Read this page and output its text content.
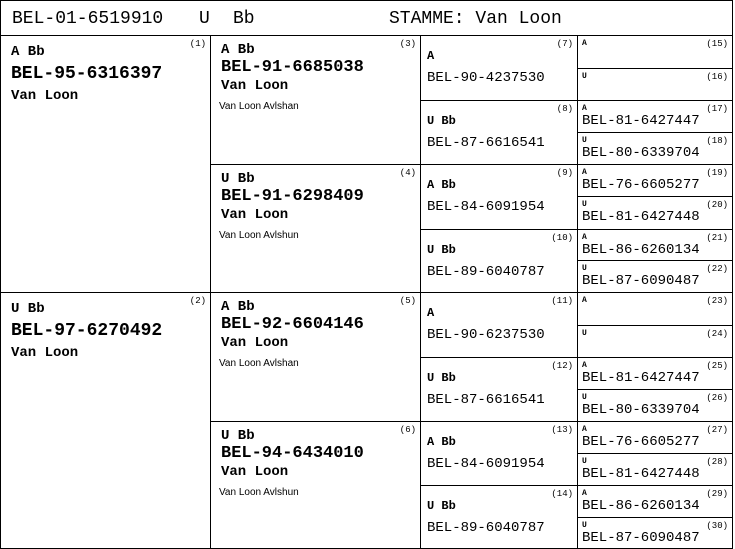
BEL-01-6519910 U Bb	STAMME: Van Loon
(1)
A Bb
BEL-95-6316397
Van Loon
(2)
U Bb
BEL-97-6270492
Van Loon
(3)
A Bb
BEL-91-6685038
Van Loon
Van Loon Avlshan
(4)
U Bb
BEL-91-6298409
Van Loon
Van Loon Avlshun
(5)
A Bb
BEL-92-6604146
Van Loon
Van Loon Avlshan
(6)
U Bb
BEL-94-6434010
Van Loon
Van Loon Avlshun
(7)
A
BEL-90-4237530
(8)
U Bb
BEL-87-6616541
(9)
A Bb
BEL-84-6091954
(10)
U Bb
BEL-89-6040787
(11)
A
BEL-90-6237530
(12)
U Bb
BEL-87-6616541
(13)
A Bb
BEL-84-6091954
(14)
U Bb
BEL-89-6040787
(15)
A
(16)
U
(17)
A
BEL-81-6427447
(18)
U
BEL-80-6339704
(19)
A
BEL-76-6605277
(20)
U
BEL-81-6427448
(21)
A
BEL-86-6260134
(22)
U
BEL-87-6090487
(23)
A
(24)
U
(25)
A
BEL-81-6427447
(26)
U
BEL-80-6339704
(27)
A
BEL-76-6605277
(28)
U
BEL-81-6427448
(29)
A
BEL-86-6260134
(30)
U
BEL-87-6090487
